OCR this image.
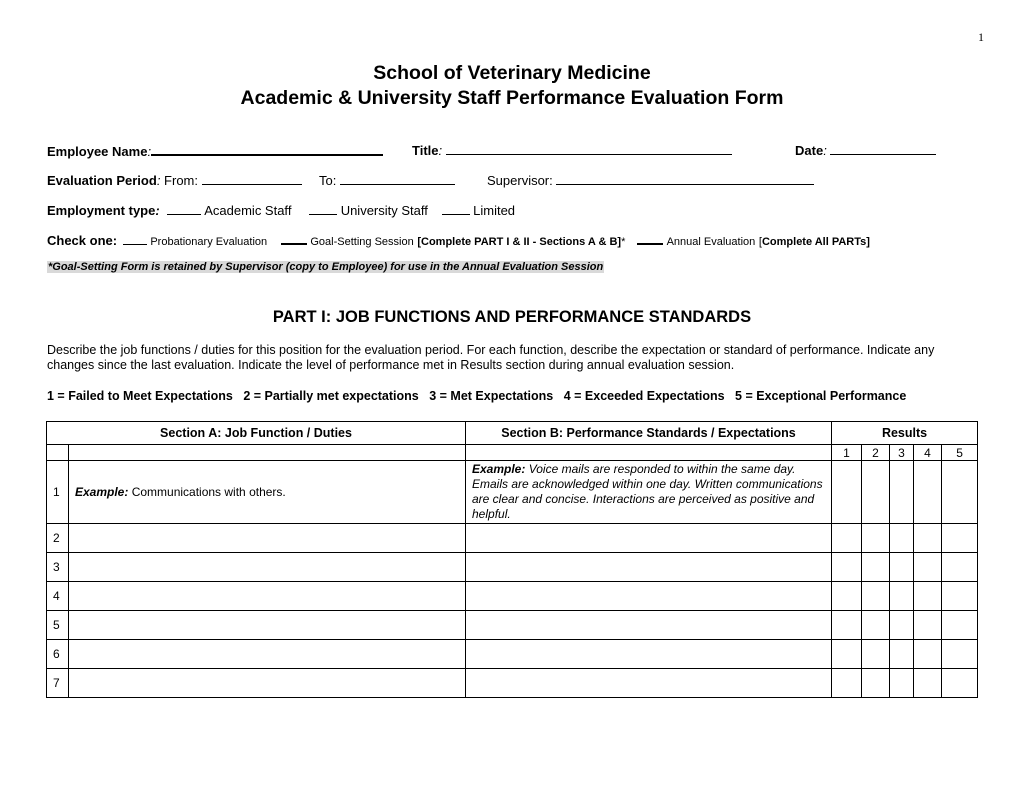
1
School of Veterinary Medicine
Academic & University Staff Performance Evaluation Form
Employee Name:	Title:	Date:
Evaluation Period: From:	To:	Supervisor:
Employment type:	Academic Staff	University Staff	Limited
Check one:	Probationary Evaluation	Goal-Setting Session [Complete PART I & II - Sections A & B]*	Annual Evaluation [Complete All PARTs]
*Goal-Setting Form is retained by Supervisor (copy to Employee) for use in the Annual Evaluation Session
PART I: JOB FUNCTIONS AND PERFORMANCE STANDARDS
Describe the job functions / duties for this position for the evaluation period. For each function, describe the expectation or standard of performance. Indicate any changes since the last evaluation. Indicate the level of performance met in Results section during annual evaluation session.
1 = Failed to Meet Expectations 2 = Partially met expectations 3 = Met Expectations 4 = Exceeded Expectations 5 = Exceptional Performance
Section A: Job Function / Duties		Section B: Performance Standards / Expectations	Results				
			1	2	3	4	5
1	Example: Communications with others.	Example: Voice mails are responded to within the same day. Emails are acknowledged within one day. Written communications are clear and concise. Interactions are perceived as positive and helpful.					
2							
3							
4							
5							
6							
7							
